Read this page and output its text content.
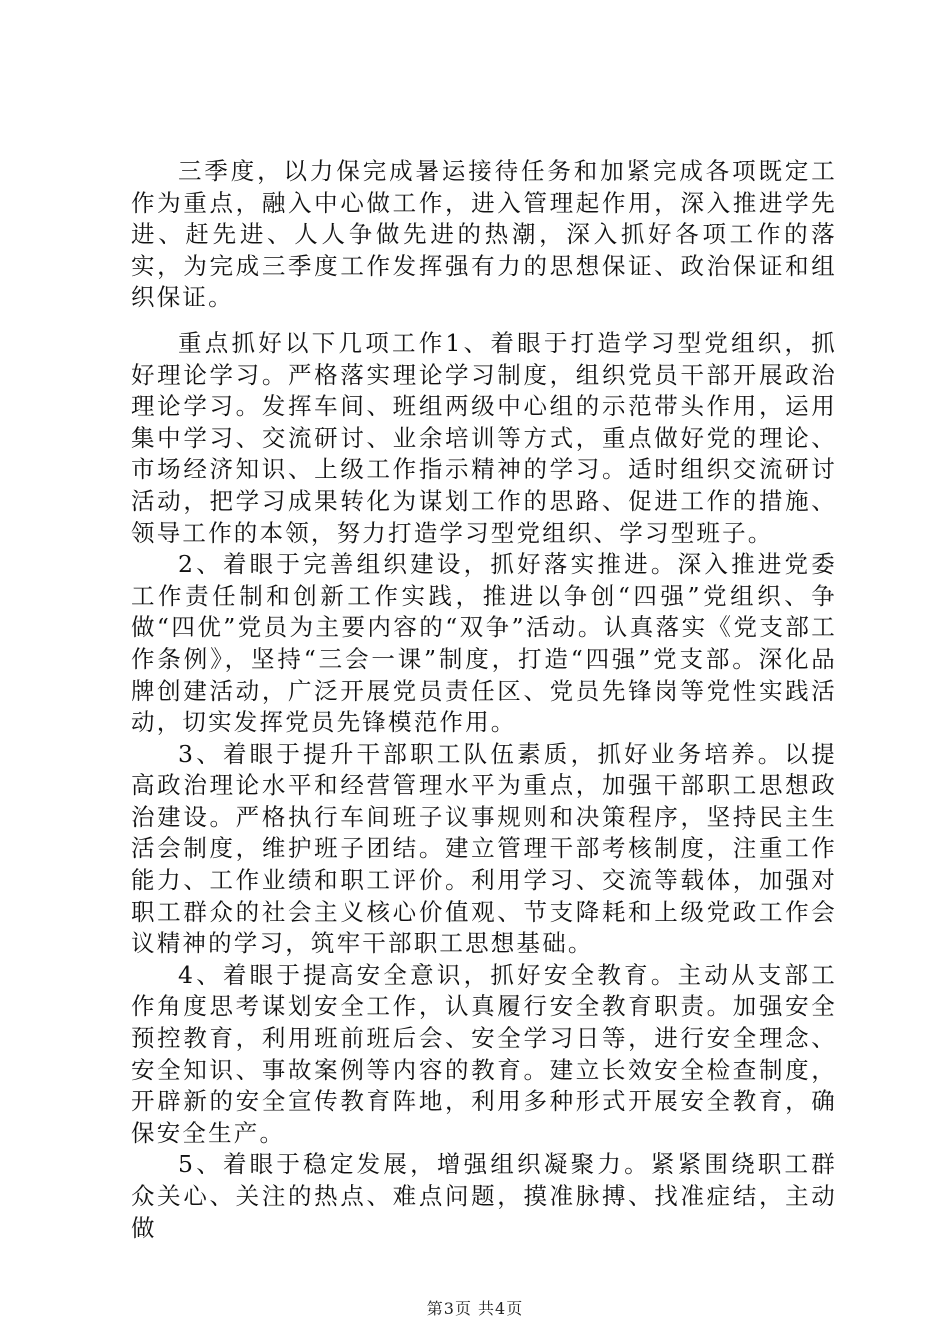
三季度，以力保完成暑运接待任务和加紧完成各项既定工作为重点，融入中心做工作，进入管理起作用，深入推进学先进、赶先进、人人争做先进的热潮，深入抓好各项工作的落实，为完成三季度工作发挥强有力的思想保证、政治保证和组织保证。

重点抓好以下几项工作1、着眼于打造学习型党组织，抓好理论学习。严格落实理论学习制度，组织党员干部开展政治理论学习。发挥车间、班组两级中心组的示范带头作用，运用集中学习、交流研讨、业余培训等方式，重点做好党的理论、市场经济知识、上级工作指示精神的学习。适时组织交流研讨活动，把学习成果转化为谋划工作的思路、促进工作的措施、领导工作的本领，努力打造学习型党组织、学习型班子。

2、着眼于完善组织建设，抓好落实推进。深入推进党委工作责任制和创新工作实践，推进以争创“四强”党组织、争做“四优”党员为主要内容的“双争”活动。认真落实《党支部工作条例》，坚持“三会一课”制度，打造“四强”党支部。深化品牌创建活动，广泛开展党员责任区、党员先锋岗等党性实践活动，切实发挥党员先锋模范作用。

3、着眼于提升干部职工队伍素质，抓好业务培养。以提高政治理论水平和经营管理水平为重点，加强干部职工思想政治建设。严格执行车间班子议事规则和决策程序，坚持民主生活会制度，维护班子团结。建立管理干部考核制度，注重工作能力、工作业绩和职工评价。利用学习、交流等载体，加强对职工群众的社会主义核心价值观、节支降耗和上级党政工作会议精神的学习，筑牢干部职工思想基础。

4、着眼于提高安全意识，抓好安全教育。主动从支部工作角度思考谋划安全工作，认真履行安全教育职责。加强安全预控教育，利用班前班后会、安全学习日等，进行安全理念、安全知识、事故案例等内容的教育。建立长效安全检查制度，开辟新的安全宣传教育阵地，利用多种形式开展安全教育，确保安全生产。

5、着眼于稳定发展，增强组织凝聚力。紧紧围绕职工群众关心、关注的热点、难点问题，摸准脉搏、找准症结，主动做

第3页 共4页
